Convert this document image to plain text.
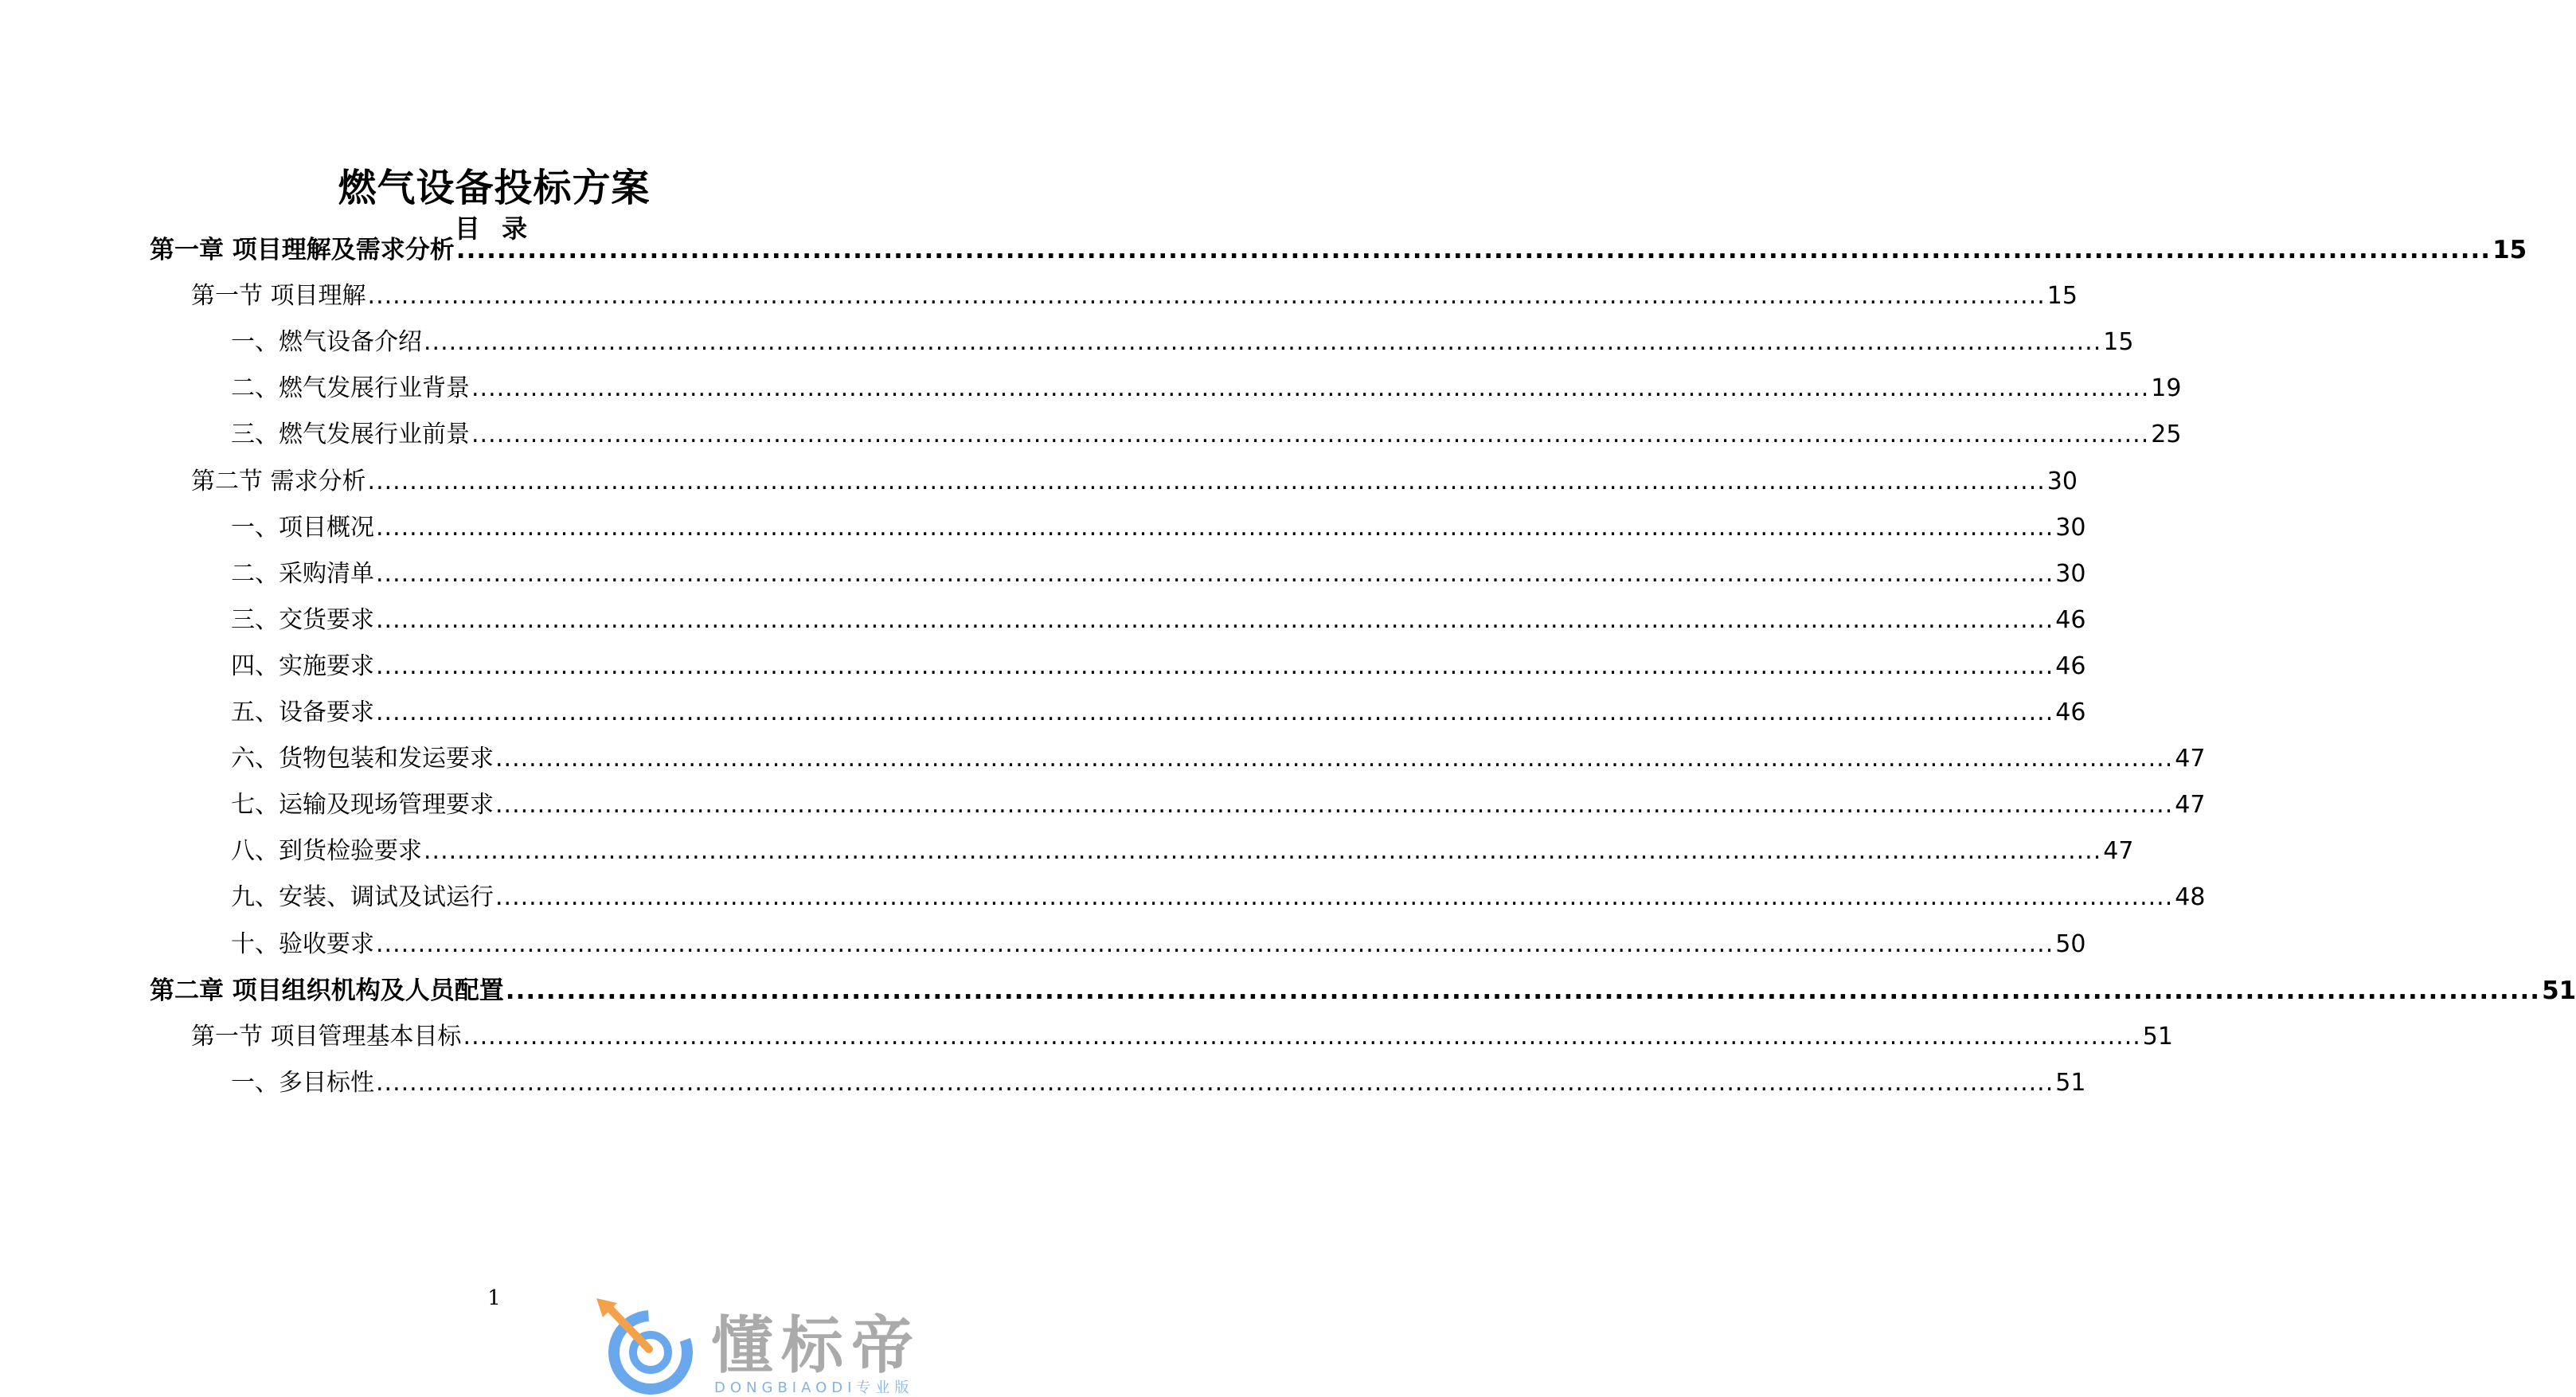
燃气设备投标方案
目 录
第一章 项目理解及需求分析 ........................................................................................................................................................................................................ 15
第一节 项目理解 ........................................................................................................................................................................................................ 15
一、燃气设备介绍 ........................................................................................................................................................................................................ 15
二、燃气发展行业背景 ........................................................................................................................................................................................................ 19
三、燃气发展行业前景 ........................................................................................................................................................................................................ 25
第二节 需求分析 ........................................................................................................................................................................................................ 30
一、项目概况 ........................................................................................................................................................................................................ 30
二、采购清单 ........................................................................................................................................................................................................ 30
三、交货要求 ........................................................................................................................................................................................................ 46
四、实施要求 ........................................................................................................................................................................................................ 46
五、设备要求 ........................................................................................................................................................................................................ 46
六、货物包装和发运要求 ........................................................................................................................................................................................................ 47
七、运输及现场管理要求 ........................................................................................................................................................................................................ 47
八、到货检验要求 ........................................................................................................................................................................................................ 47
九、安装、调试及试运行 ........................................................................................................................................................................................................ 48
十、验收要求 ........................................................................................................................................................................................................ 50
第二章 项目组织机构及人员配置 ........................................................................................................................................................................................................ 51
第一节 项目管理基本目标 ........................................................................................................................................................................................................ 51
一、多目标性 ........................................................................................................................................................................................................ 51
1
懂标帝
DONGBIAODI专业版
